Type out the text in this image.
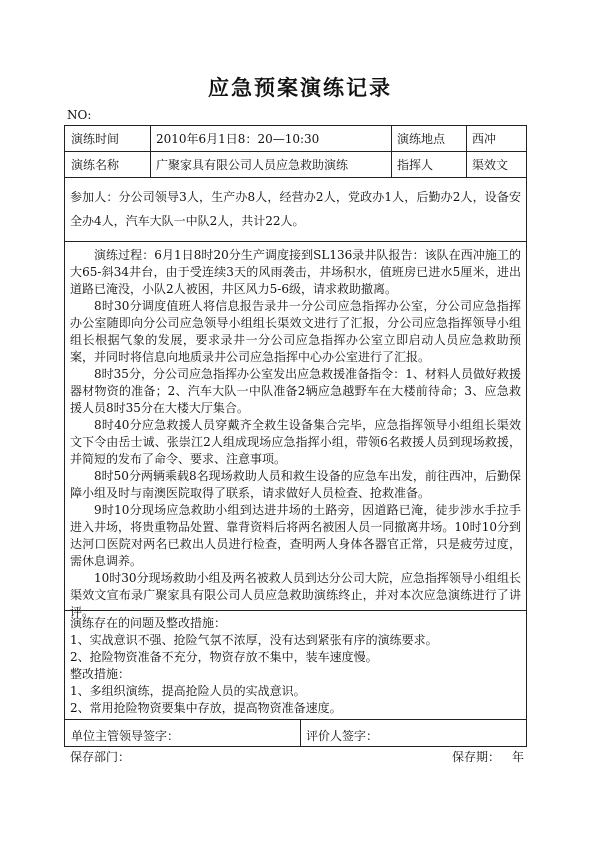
应急预案演练记录
NO:
演练时间	2010年6月1日8：20—10:30	演练地点 西冲
演练名称	广聚家具有限公司人员应急救助演练	指挥人	渠效文
参加人：分公司领导3人，生产办8人，经营办2人，党政办1人，后勤办2人，设备安全办4人，汽车大队一中队2人，共计22人。

演练过程：6月1日8时20分生产调度接到SL136录井队报告：该队在西冲施工的大65-斜34井台，由于受连续3天的风雨袭击，井场积水，值班房已进水5厘米，进出道路已淹没，小队2人被困，井区风力5-6级，请求救助撤离。

8时30分调度值班人将信息报告录井一分公司应急指挥办公室，分公司应急指挥办公室随即向分公司应急领导小组组长渠效文进行了汇报，分公司应急指挥领导小组组长根据气象的发展，要求录井一分公司应急指挥办公室立即启动人员应急救助预案，并同时将信息向地质录井公司应急指挥中心办公室进行了汇报。

8时35分，分公司应急指挥办公室发出应急救援准备指令：1、材料人员做好救援器材物资的准备；2、汽车大队一中队准备2辆应急越野车在大楼前待命；3、应急救援人员8时35分在大楼大厅集合。

8时40分应急救援人员穿戴齐全救生设备集合完毕，应急指挥领导小组组长渠效文下令由岳士诚、张崇江2人组成现场应急指挥小组，带领6名救援人员到现场救援，并简短的发布了命令、要求、注意事项。

8时50分两辆乘载8名现场救助人员和救生设备的应急车出发，前往西冲，后勤保障小组及时与南澳医院取得了联系，请求做好人员检查、抢救准备。

9时10分现场应急救助小组到达进井场的土路旁，因道路已淹，徒步涉水手拉手进入井场，将贵重物品处置、靠背资料后将两名被困人员一同撤离井场。10时10分到达河口医院对两名已救出人员进行检查，查明两人身体各器官正常，只是疲劳过度，需休息调养。

10时30分现场救助小组及两名被救人员到达分公司大院，应急指挥领导小组组长渠效文宣布录广聚家具有限公司人员应急救助演练终止，并对本次应急演练进行了讲评。

演练存在的问题及整改措施：
1、实战意识不强、抢险气氛不浓厚，没有达到紧张有序的演练要求。
2、抢险物资准备不充分，物资存放不集中，装车速度慢。
整改措施：
1、多组织演练，提高抢险人员的实战意识。
2、常用抢险物资要集中存放，提高物资准备速度。
单位主管领导签字：	评价人签字：
保存部门：	保存期： 年
